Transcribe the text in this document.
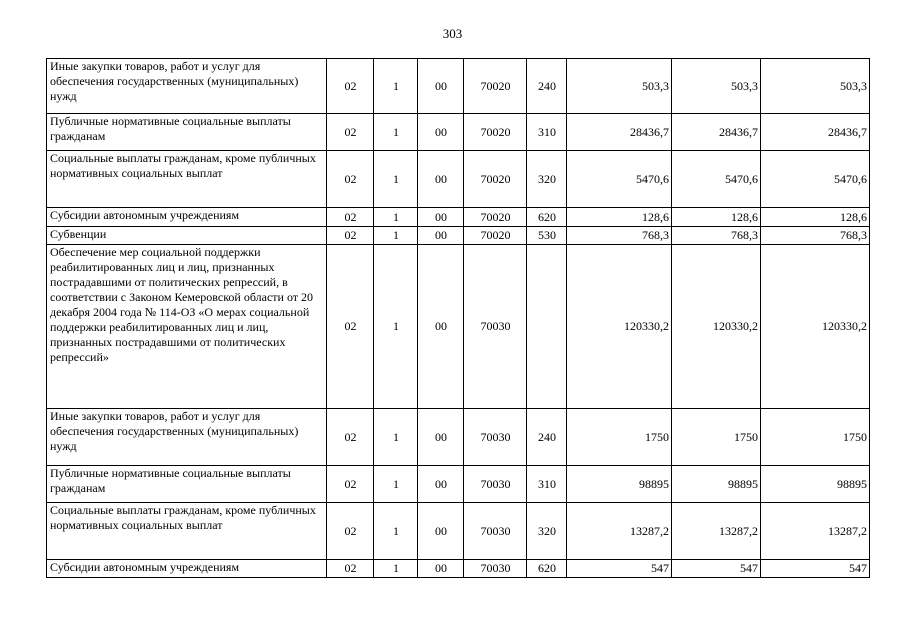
303
Иные закупки товаров, работ и услуг для обеспечения государственных (муниципальных) нужд	02	1	00	70020	240	503,3	503,3	503,3
Публичные нормативные социальные выплаты гражданам	02	1	00	70020	310	28436,7	28436,7	28436,7
Социальные выплаты гражданам, кроме публичных нормативных социальных выплат	02	1	00	70020	320	5470,6	5470,6	5470,6
Субсидии автономным учреждениям	02	1	00	70020	620	128,6	128,6	128,6
Субвенции	02	1	00	70020	530	768,3	768,3	768,3
Обеспечение мер социальной поддержки реабилитированных лиц и лиц, признанных пострадавшими от политических репрессий, в соответствии с Законом Кемеровской области от 20 декабря 2004 года № 114-ОЗ «О мерах социальной поддержки реабилитированных лиц и лиц, признанных пострадавшими от политических репрессий»	02	1	00	70030		120330,2	120330,2	120330,2
Иные закупки товаров, работ и услуг для обеспечения государственных (муниципальных) нужд	02	1	00	70030	240	1750	1750	1750
Публичные нормативные социальные выплаты гражданам	02	1	00	70030	310	98895	98895	98895
Социальные выплаты гражданам, кроме публичных нормативных социальных выплат	02	1	00	70030	320	13287,2	13287,2	13287,2
Субсидии автономным учреждениям	02	1	00	70030	620	547	547	547
